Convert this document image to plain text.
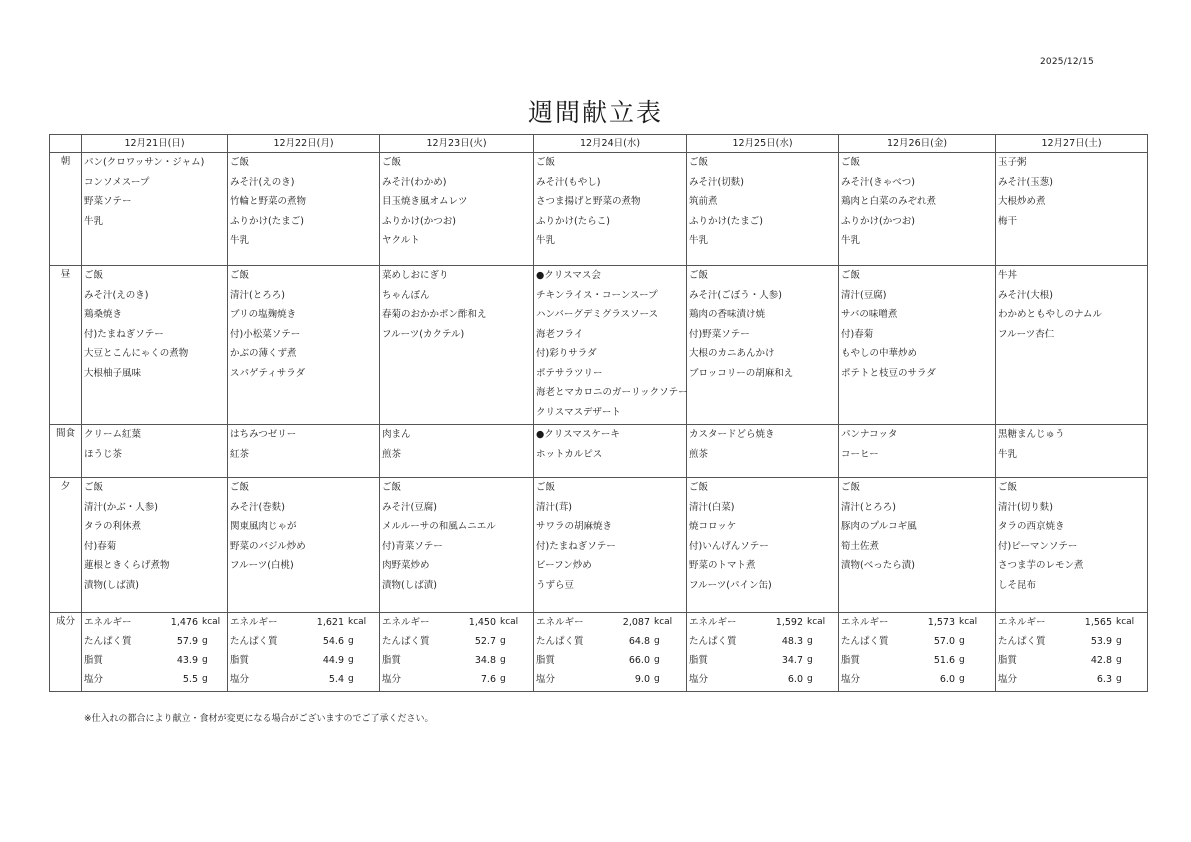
2025/12/15
週間献立表
	12月21日(日)	12月22日(月)	12月23日(火)	12月24日(水)	12月25日(水)	12月26日(金)	12月27日(土)
朝	パン(クロワッサン・ジャム)
コンソメスープ
野菜ソテー
牛乳

ご飯
みそ汁(えのき)
竹輪と野菜の煮物
ふりかけ(たまご)
牛乳

ご飯
みそ汁(わかめ)
目玉焼き風オムレツ
ふりかけ(かつお)
ヤクルト

ご飯
みそ汁(もやし)
さつま揚げと野菜の煮物
ふりかけ(たらこ)
牛乳

ご飯
みそ汁(切麩)
筑前煮
ふりかけ(たまご)
牛乳

ご飯
みそ汁(きゃべつ)
鶏肉と白菜のみぞれ煮
ふりかけ(かつお)
牛乳

玉子粥
みそ汁(玉葱)
大根炒め煮
梅干

昼	ご飯
みそ汁(えのき)
鶏桑焼き
付)たまねぎソテー
大豆とこんにゃくの煮物
大根柚子風味

ご飯
清汁(とろろ)
ブリの塩麹焼き
付)小松菜ソテー
かぶの薄くず煮
スパゲティサラダ

菜めしおにぎり
ちゃんぽん
春菊のおかかポン酢和え
フルーツ(カクテル)

●クリスマス会
チキンライス・コーンスープ
ハンバーグデミグラスソース
海老フライ
付)彩りサラダ
ポテサラツリー
海老とマカロニのガーリックソテー
クリスマスデザート

ご飯
みそ汁(ごぼう・人参)
鶏肉の香味漬け焼
付)野菜ソテー
大根のカニあんかけ
ブロッコリーの胡麻和え

ご飯
清汁(豆腐)
サバの味噌煮
付)春菊
もやしの中華炒め
ポテトと枝豆のサラダ

牛丼
みそ汁(大根)
わかめともやしのナムル
フルーツ杏仁

間食	クリーム紅葉
ほうじ茶

はちみつゼリー
紅茶

肉まん
煎茶

●クリスマスケーキ
ホットカルピス

カスタードどら焼き
煎茶

パンナコッタ
コーヒー

黒糖まんじゅう
牛乳

夕	ご飯
清汁(かぶ・人参)
タラの利休煮
付)春菊
蓮根ときくらげ煮物
漬物(しば漬)

ご飯
みそ汁(巻麩)
関東風肉じゃが
野菜のバジル炒め
フルーツ(白桃)

ご飯
みそ汁(豆腐)
メルルーサの和風ムニエル
付)青菜ソテー
肉野菜炒め
漬物(しば漬)

ご飯
清汁(茸)
サワラの胡麻焼き
付)たまねぎソテー
ビーフン炒め
うずら豆

ご飯
清汁(白菜)
焼コロッケ
付)いんげんソテー
野菜のトマト煮
フルーツ(パイン缶)

ご飯
清汁(とろろ)
豚肉のプルコギ風
筍土佐煮
漬物(べったら漬)

ご飯
清汁(切り麩)
タラの西京焼き
付)ピーマンソテー
さつま芋のレモン煮
しそ昆布

成分	エネルギー	1,476 kcal
たんぱく質	57.9 g
脂質	43.9 g
塩分	5.5 g

エネルギー	1,621 kcal
たんぱく質	54.6 g
脂質	44.9 g
塩分	5.4 g

エネルギー	1,450 kcal
たんぱく質	52.7 g
脂質	34.8 g
塩分	7.6 g

エネルギー	2,087 kcal
たんぱく質	64.8 g
脂質	66.0 g
塩分	9.0 g

エネルギー	1,592 kcal
たんぱく質	48.3 g
脂質	34.7 g
塩分	6.0 g

エネルギー	1,573 kcal
たんぱく質	57.0 g
脂質	51.6 g
塩分	6.0 g

エネルギー	1,565 kcal
たんぱく質	53.9 g
脂質	42.8 g
塩分	6.3 g
※仕入れの都合により献立・食材が変更になる場合がございますのでご了承ください。
